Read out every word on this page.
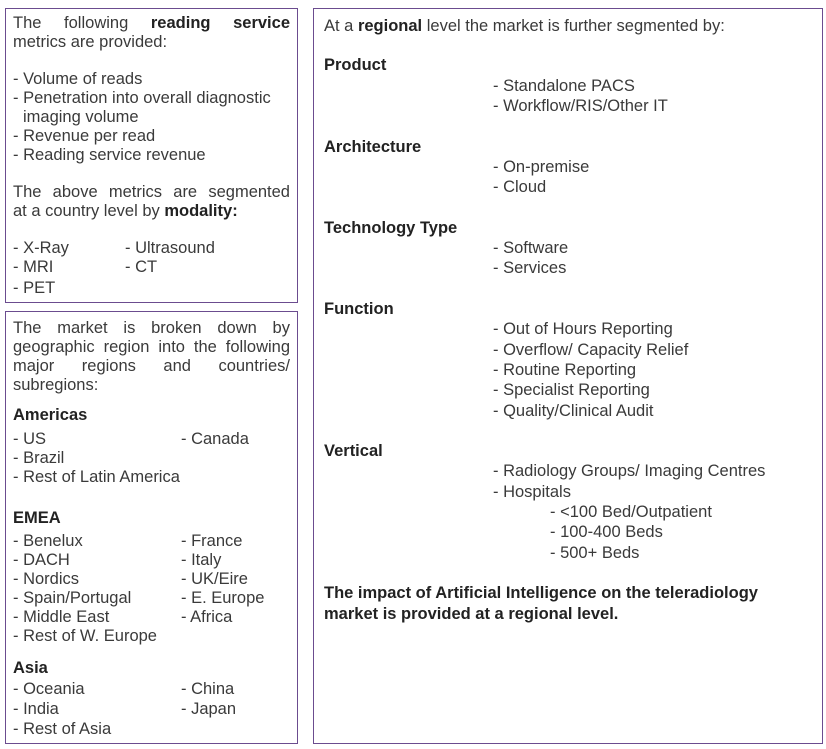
The following reading service
metrics are provided:
- Volume of reads
- Penetration into overall diagnostic
imaging volume
- Revenue per read
- Reading service revenue
The above metrics are segmented
at a country level by modality:
- X-Ray	- Ultrasound
- MRI	- CT
- PET
The market is broken down by
geographic region into the following
major regions and countries/
subregions:
Americas
- US	- Canada
- Brazil
- Rest of Latin America
EMEA
- Benelux	- France
- DACH	- Italy
- Nordics	- UK/Eire
- Spain/Portugal	- E. Europe
- Middle East	- Africa
- Rest of W. Europe
Asia
- Oceania	- China
- India	- Japan
- Rest of Asia
At a regional level the market is further segmented by:
Product
- Standalone PACS
- Workflow/RIS/Other IT
Architecture
- On-premise
- Cloud
Technology Type
- Software
- Services
Function
- Out of Hours Reporting
- Overflow/ Capacity Relief
- Routine Reporting
- Specialist Reporting
- Quality/Clinical Audit
Vertical
- Radiology Groups/ Imaging Centres
- Hospitals
- <100 Bed/Outpatient
- 100-400 Beds
- 500+ Beds
The impact of Artificial Intelligence on the teleradiology
market is provided at a regional level.
